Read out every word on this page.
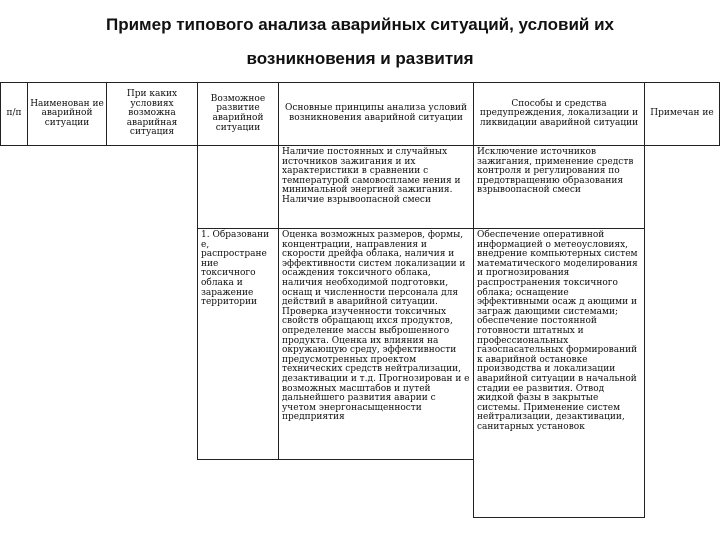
Пример типового анализа аварийных ситуаций, условий их
возникновения и развития
п/п
Наименован ие аварийной ситуации
При каких условиях возможна аварийная ситуация
Возможное развитие аварийной ситуации
Основные принципы анализа условий возникновения аварийной ситуации
Способы и средства предупреждения, локализации и ликвидации аварийной ситуации
Примечан ие
Наличие постоянных и случайных источников зажигания и их характеристики в сравнении с температурой самовоспламе нения и минимальной энергией зажигания. Наличие взрывоопасной смеси
Исключение источников зажигания, применение средств контроля и регулирования по предотвращению образования взрывоопасной смеси
1. Образовани е, распростране ние токсичного облака и заражение территории
Оценка возможных размеров, формы, концентрации, направления и скорости дрейфа облака, наличия и эффективности систем локализации и осаждения токсичного облака, наличия необходимой подготовки, оснащ и численности персонала для действий в аварийной ситуации. Проверка изученности токсичных свойств обращающ ихся продуктов, определение массы выброшенного продукта. Оценка их влияния на окружающую среду, эффективности предусмотренных проектом технических средств нейтрализации, дезактивации и т.д. Прогнозирован и е возможных масштабов и путей дальнейшего развития аварии с учетом энергонасыщенности предприятия
Обеспечение оперативной информацией о метеоусловиях, внедрение компьютерных систем математического моделирования и прогнозирования распространения токсичного облака; оснащение эффективными осаж д ающими и заграж дающими системами; обеспечение постоянной готовности штатных и профессиональных газоспасательных формирований к аварийной остановке производства и локализации аварийной ситуации в начальной стадии ее развития. Отвод жидкой фазы в закрытые системы. Применение систем нейтрализации, дезактивации, санитарных установок
